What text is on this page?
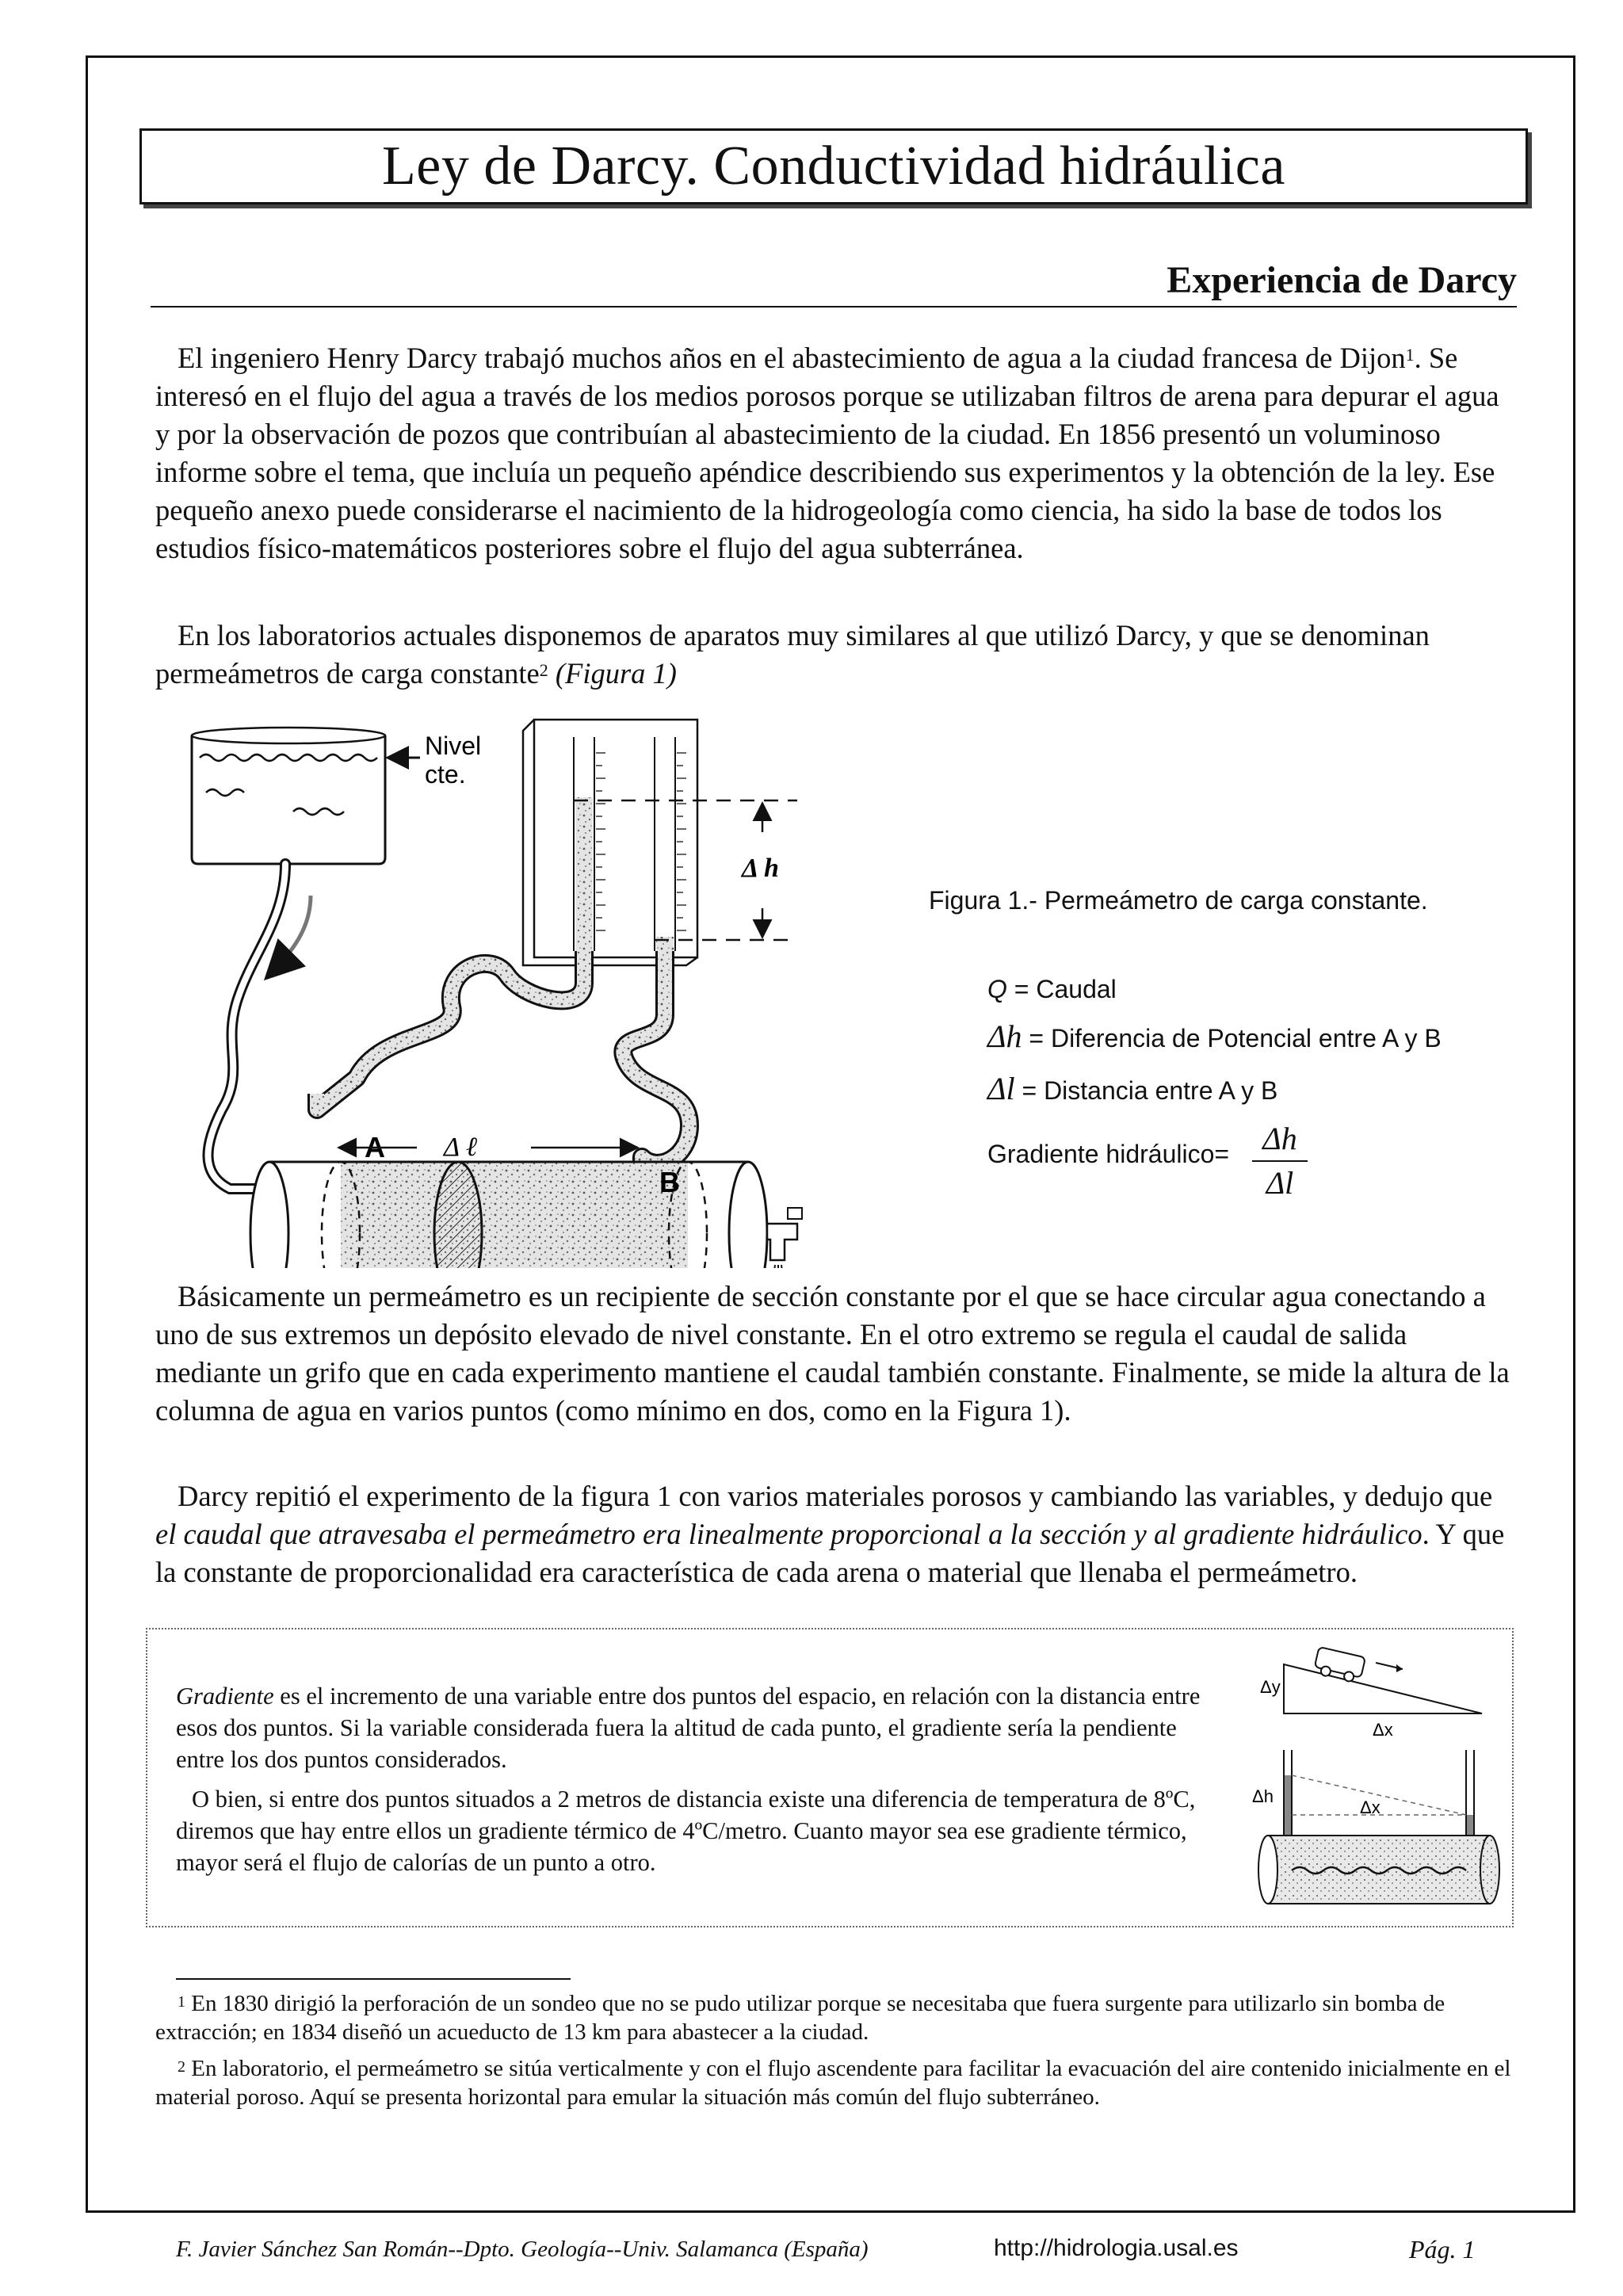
Ley de Darcy. Conductividad hidráulica
Experiencia de Darcy

El ingeniero Henry Darcy trabajó muchos años en el abastecimiento de agua a la ciudad francesa de Dijon$^1$. Se interesó en el flujo del agua a través de los medios porosos porque se utilizaban filtros de arena para depurar el agua y por la observación de pozos que contribuían al abastecimiento de la ciudad. En 1856 presentó un voluminoso informe sobre el tema, que incluía un pequeño apéndice describiendo sus experimentos y la obtención de la ley. Ese pequeño anexo puede considerarse el nacimiento de la hidrogeología como ciencia, ha sido la base de todos los estudios físico-matemáticos posteriores sobre el flujo del agua subterránea.

En los laboratorios actuales disponemos de aparatos muy similares al que utilizó Darcy, y que se denominan permeámetros de carga constante$^2$ (Figura 1)

Nivel
cte.
Δ h
A
B
Δ ℓ
Figura 1.- Permeámetro de carga constante.
Q = Caudal
Δh = Diferencia de Potencial entre A y B
Δl = Distancia entre A y B
Gradiente hidráulico=	Δh
Δl

Básicamente un permeámetro es un recipiente de sección constante por el que se hace circular agua conectando a uno de sus extremos un depósito elevado de nivel constante. En el otro extremo se regula el caudal de salida mediante un grifo que en cada experimento mantiene el caudal también constante. Finalmente, se mide la altura de la columna de agua en varios puntos (como mínimo en dos, como en la Figura 1).

Darcy repitió el experimento de la figura 1 con varios materiales porosos y cambiando las variables, y dedujo que el caudal que atravesaba el permeámetro era linealmente proporcional a la sección y al gradiente hidráulico. Y que la constante de proporcionalidad era característica de cada arena o material que llenaba el permeámetro.

Gradiente es el incremento de una variable entre dos puntos del espacio, en relación con la distancia entre esos dos puntos. Si la variable considerada fuera la altitud de cada punto, el gradiente sería la pendiente entre los dos puntos considerados.

O bien, si entre dos puntos situados a 2 metros de distancia existe una diferencia de temperatura de 8ºC, diremos que hay entre ellos un gradiente térmico de 4ºC/metro. Cuanto mayor sea ese gradiente térmico, mayor será el flujo de calorías de un punto a otro.

Δy
Δx
Δh
Δx

$^1$ En 1830 dirigió la perforación de un sondeo que no se pudo utilizar porque se necesitaba que fuera surgente para utilizarlo sin bomba de extracción; en 1834 diseñó un acueducto de 13 km para abastecer a la ciudad.

$^2$ En laboratorio, el permeámetro se sitúa verticalmente y con el flujo ascendente para facilitar la evacuación del aire contenido inicialmente en el material poroso. Aquí se presenta horizontal para emular la situación más común del flujo subterráneo.

F. Javier Sánchez San Román--Dpto. Geología--Univ. Salamanca (España)	http://hidrologia.usal.es	Pág. 1
